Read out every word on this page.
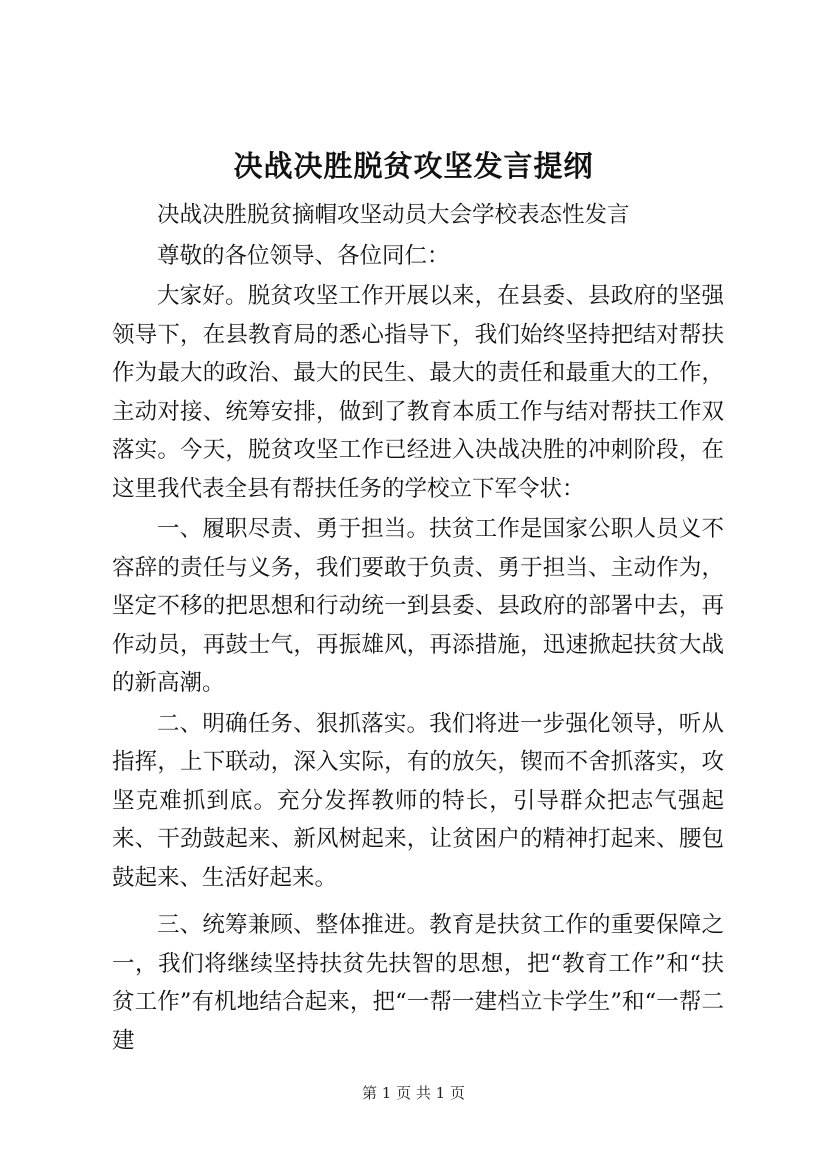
决战决胜脱贫攻坚发言提纲

决战决胜脱贫摘帽攻坚动员大会学校表态性发言

尊敬的各位领导、各位同仁：

大家好。脱贫攻坚工作开展以来，在县委、县政府的坚强领导下，在县教育局的悉心指导下，我们始终坚持把结对帮扶作为最大的政治、最大的民生、最大的责任和最重大的工作，主动对接、统筹安排，做到了教育本质工作与结对帮扶工作双落实。今天，脱贫攻坚工作已经进入决战决胜的冲刺阶段，在这里我代表全县有帮扶任务的学校立下军令状：

一、履职尽责、勇于担当。扶贫工作是国家公职人员义不容辞的责任与义务，我们要敢于负责、勇于担当、主动作为，坚定不移的把思想和行动统一到县委、县政府的部署中去，再作动员，再鼓士气，再振雄风，再添措施，迅速掀起扶贫大战的新高潮。

二、明确任务、狠抓落实。我们将进一步强化领导，听从指挥，上下联动，深入实际，有的放矢，锲而不舍抓落实，攻坚克难抓到底。充分发挥教师的特长，引导群众把志气强起来、干劲鼓起来、新风树起来，让贫困户的精神打起来、腰包鼓起来、生活好起来。

三、统筹兼顾、整体推进。教育是扶贫工作的重要保障之一，我们将继续坚持扶贫先扶智的思想，把“教育工作”和“扶贫工作”有机地结合起来，把“一帮一建档立卡学生”和“一帮二建

第 1 页 共 1 页
